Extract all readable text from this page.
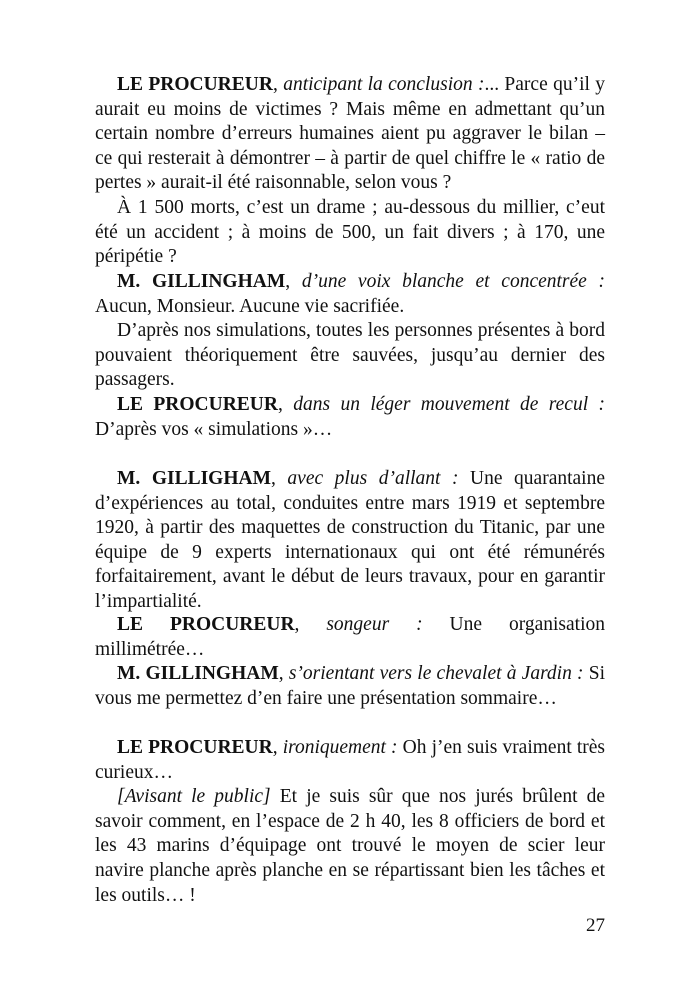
LE PROCUREUR, anticipant la conclusion :... Parce qu’il y aurait eu moins de victimes ? Mais même en admettant qu’un certain nombre d’erreurs humaines aient pu aggraver le bilan – ce qui resterait à démontrer – à partir de quel chiffre le « ratio de pertes » aurait-il été raisonnable, selon vous ?

À 1 500 morts, c’est un drame ; au-dessous du millier, c’eut été un accident ; à moins de 500, un fait divers ; à 170, une péripétie ?

M. GILLINGHAM, d’une voix blanche et concentrée : Aucun, Monsieur. Aucune vie sacrifiée.

D’après nos simulations, toutes les personnes présentes à bord pouvaient théoriquement être sauvées, jusqu’au dernier des passagers.

LE PROCUREUR, dans un léger mouvement de recul : D’après vos « simulations »…

M. GILLIGHAM, avec plus d’allant : Une quarantaine d’expériences au total, conduites entre mars 1919 et septembre 1920, à partir des maquettes de construction du Titanic, par une équipe de 9 experts internationaux qui ont été rémunérés forfaitairement, avant le début de leurs travaux, pour en garantir l’impartialité.

LE PROCUREUR, songeur : Une organisation millimétrée…

M. GILLINGHAM, s’orientant vers le chevalet à Jardin : Si vous me permettez d’en faire une présentation sommaire…

LE PROCUREUR, ironiquement : Oh j’en suis vraiment très curieux…

[Avisant le public] Et je suis sûr que nos jurés brûlent de savoir comment, en l’espace de 2 h 40, les 8 officiers de bord et les 43 marins d’équipage ont trouvé le moyen de scier leur navire planche après planche en se répartissant bien les tâches et les outils… !

27
